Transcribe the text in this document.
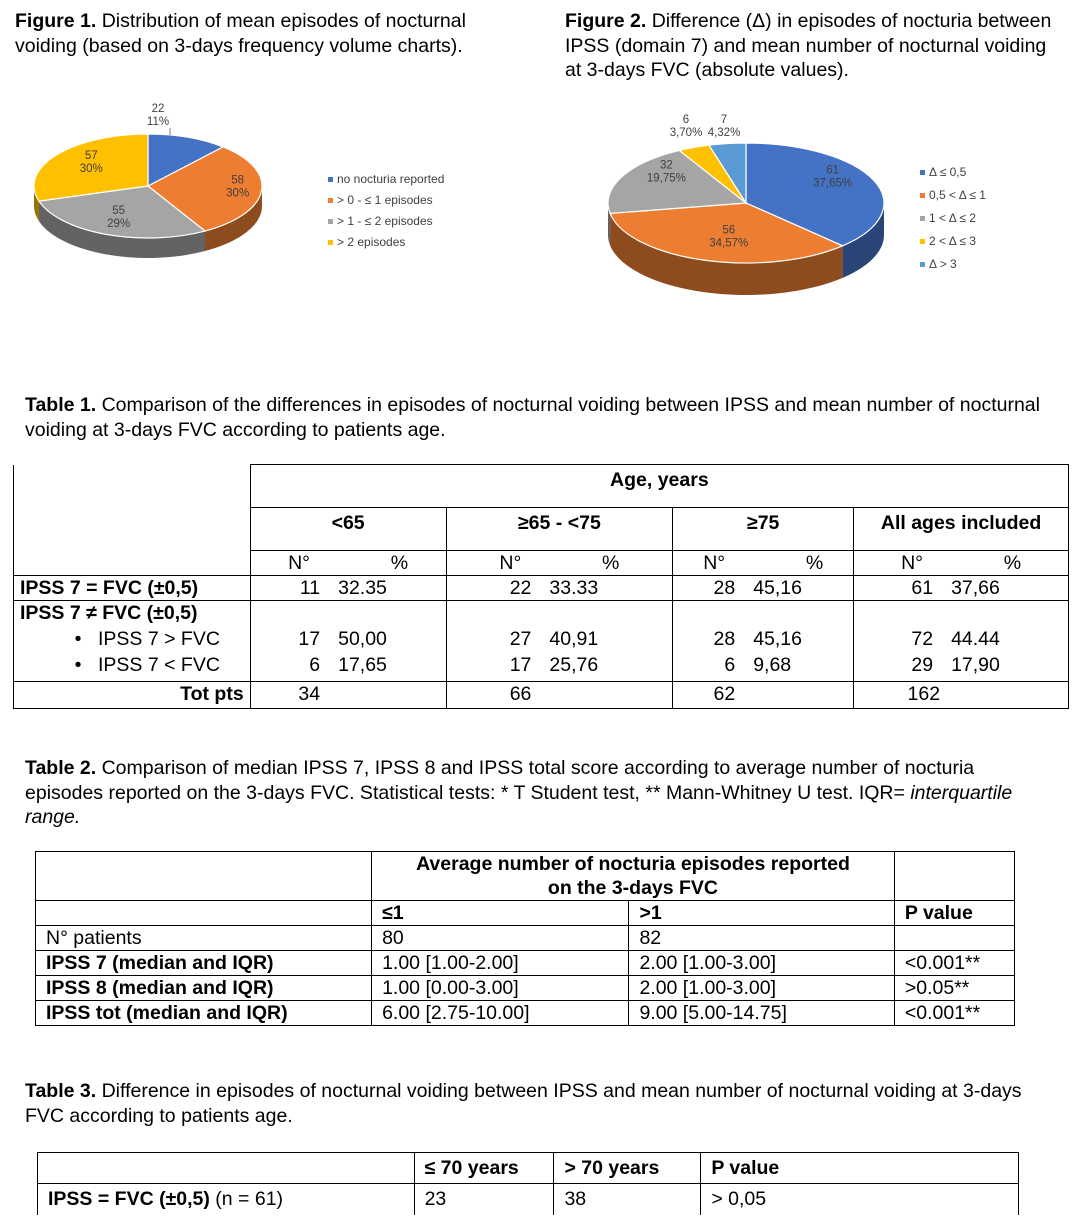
Figure 1. Distribution of mean episodes of nocturnal voiding (based on 3-days frequency volume charts).
22
11%
58
30%
55
29%
57
30%
no nocturia reported
> 0 - ≤ 1 episodes
> 1 - ≤ 2 episodes
> 2 episodes
Figure 2. Difference (Δ) in episodes of nocturia between IPSS (domain 7) and mean number of nocturnal voiding at 3-days FVC (absolute values).
61
37,65%
56
34,57%
32
19,75%
6
3,70%
7
4,32%
Δ ≤ 0,5
0,5 < Δ ≤ 1
1 < Δ ≤ 2
2 < Δ ≤ 3
Δ > 3
Table 1. Comparison of the differences in episodes of nocturnal voiding between IPSS and mean number of nocturnal voiding at 3-days FVC according to patients age.
	Age, years			
	<65	≥65 - <75	≥75	All ages included

	N° %	N° %	N° %	N° %

IPSS 7 = FVC (±0,5)	11 32.35	22 33.33	28 45,16	61 37,66

IPSS 7 ≠ FVC (±0,5)				
• IPSS 7 > FVC	17 50,00	27 40,91	28 45,16	72 44.44

• IPSS 7 < FVC	6 17,65	17 25,76	6 9,68	29 17,90

Tot pts	34	66	62	162
Table 2. Comparison of median IPSS 7, IPSS 8 and IPSS total score according to average number of nocturia episodes reported on the 3-days FVC. Statistical tests: * T Student test, ** Mann-Whitney U test. IQR= interquartile range.
	Average number of nocturia episodes reported
on the 3-days FVC		
	≤1	>1	P value
N° patients	80	82	
IPSS 7 (median and IQR)	1.00 [1.00-2.00]	2.00 [1.00-3.00]	<0.001**
IPSS 8 (median and IQR)	1.00 [0.00-3.00]	2.00 [1.00-3.00]	>0.05**
IPSS tot (median and IQR)	6.00 [2.75-10.00]	9.00 [5.00-14.75]	<0.001**
Table 3. Difference in episodes of nocturnal voiding between IPSS and mean number of nocturnal voiding at 3-days FVC according to patients age.
	≤ 70 years	> 70 years	P value
IPSS = FVC (±0,5) (n = 61)	23	38	> 0,05
